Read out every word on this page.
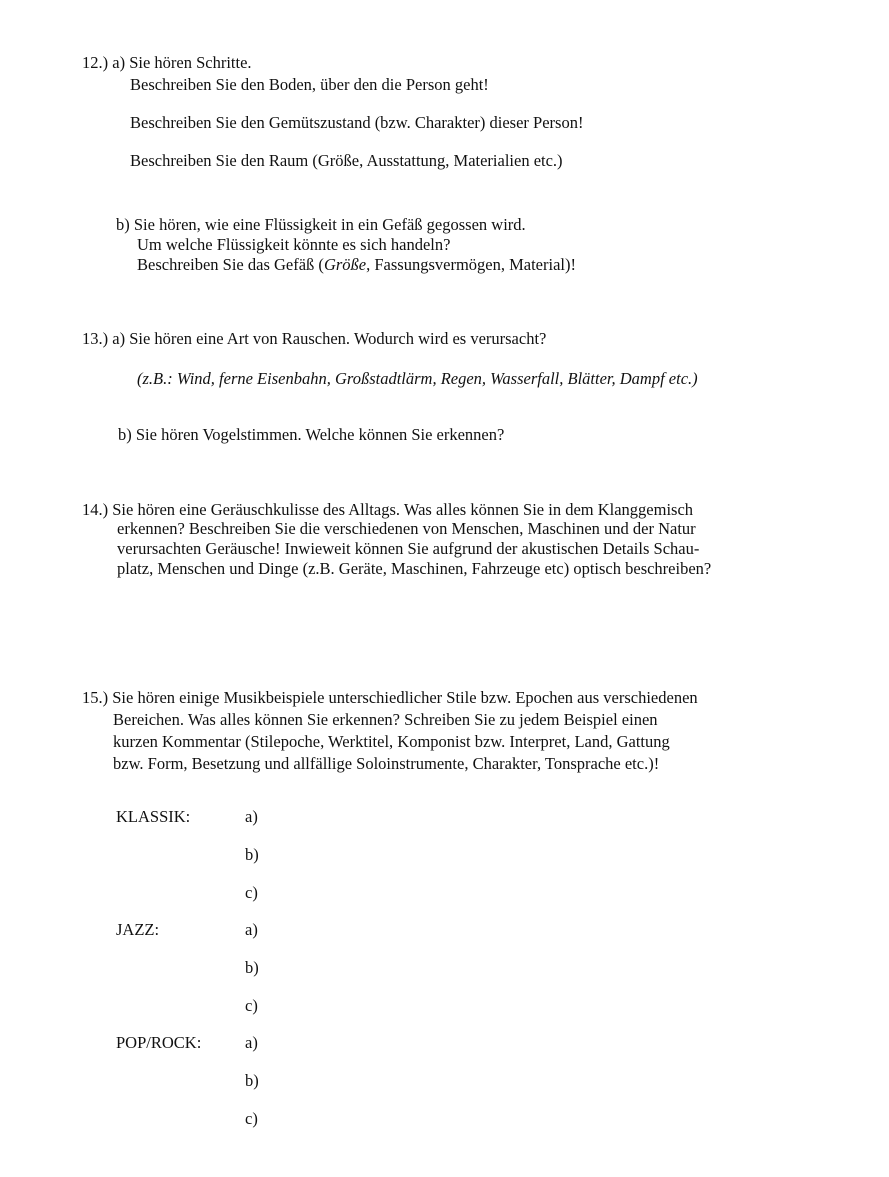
12.) a) Sie hören Schritte.
Beschreiben Sie den Boden, über den die Person geht!
Beschreiben Sie den Gemütszustand (bzw. Charakter) dieser Person!
Beschreiben Sie den Raum (Größe, Ausstattung, Materialien etc.)
b) Sie hören, wie eine Flüssigkeit in ein Gefäß gegossen wird.
Um welche Flüssigkeit könnte es sich handeln?
Beschreiben Sie das Gefäß (Größe, Fassungsvermögen, Material)!
13.) a) Sie hören eine Art von Rauschen. Wodurch wird es verursacht?
(z.B.: Wind, ferne Eisenbahn, Großstadtlärm, Regen, Wasserfall, Blätter, Dampf etc.)
b) Sie hören Vogelstimmen. Welche können Sie erkennen?
14.) Sie hören eine Geräuschkulisse des Alltags. Was alles können Sie in dem Klanggemisch
erkennen? Beschreiben Sie die verschiedenen von Menschen, Maschinen und der Natur
verursachten Geräusche! Inwieweit können Sie aufgrund der akustischen Details Schau-
platz, Menschen und Dinge (z.B. Geräte, Maschinen, Fahrzeuge etc) optisch beschreiben?
15.) Sie hören einige Musikbeispiele unterschiedlicher Stile bzw. Epochen aus verschiedenen
Bereichen. Was alles können Sie erkennen? Schreiben Sie zu jedem Beispiel einen
kurzen Kommentar (Stilepoche, Werktitel, Komponist bzw. Interpret, Land, Gattung
bzw. Form, Besetzung und allfällige Soloinstrumente, Charakter, Tonsprache etc.)!
KLASSIK:	a)
b)
c)
JAZZ:	a)
b)
c)
POP/ROCK:	a)
b)
c)
